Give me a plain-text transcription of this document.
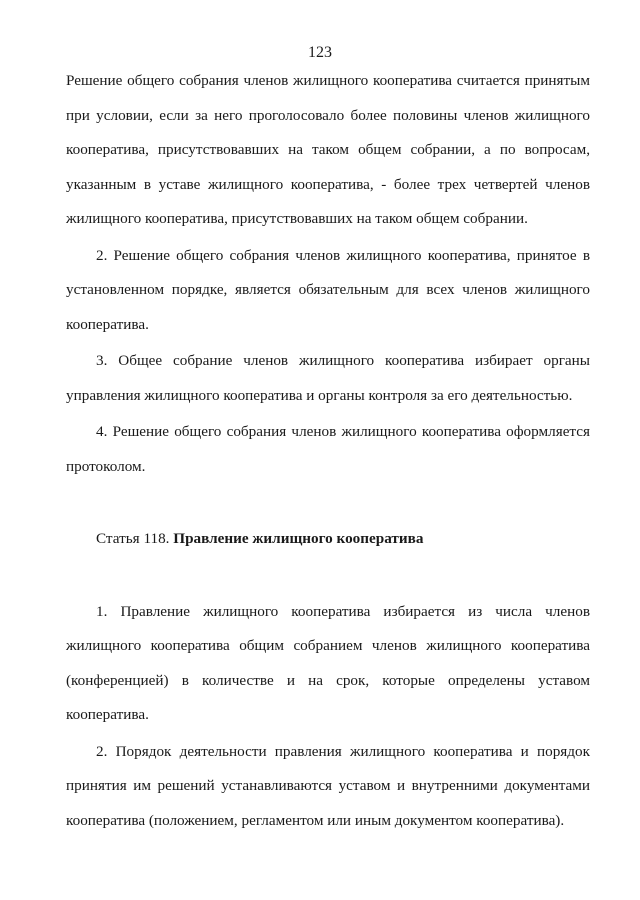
123

Решение общего собрания членов жилищного кооператива считается принятым при условии, если за него проголосовало более половины членов жилищного кооператива, присутствовавших на таком общем собрании, а по вопросам, указанным в уставе жилищного кооператива, - более трех четвертей членов жилищного кооператива, присутствовавших на таком общем собрании.

2. Решение общего собрания членов жилищного кооператива, принятое в установленном порядке, является обязательным для всех членов жилищного кооператива.

3. Общее собрание членов жилищного кооператива избирает органы управления жилищного кооператива и органы контроля за его деятельностью.

4. Решение общего собрания членов жилищного кооператива оформляется протоколом.

Статья 118. Правление жилищного кооператива

1. Правление жилищного кооператива избирается из числа членов жилищного кооператива общим собранием членов жилищного кооператива (конференцией) в количестве и на срок, которые определены уставом кооператива.

2. Порядок деятельности правления жилищного кооператива и порядок принятия им решений устанавливаются уставом и внутренними документами кооператива (положением, регламентом или иным документом кооператива).
